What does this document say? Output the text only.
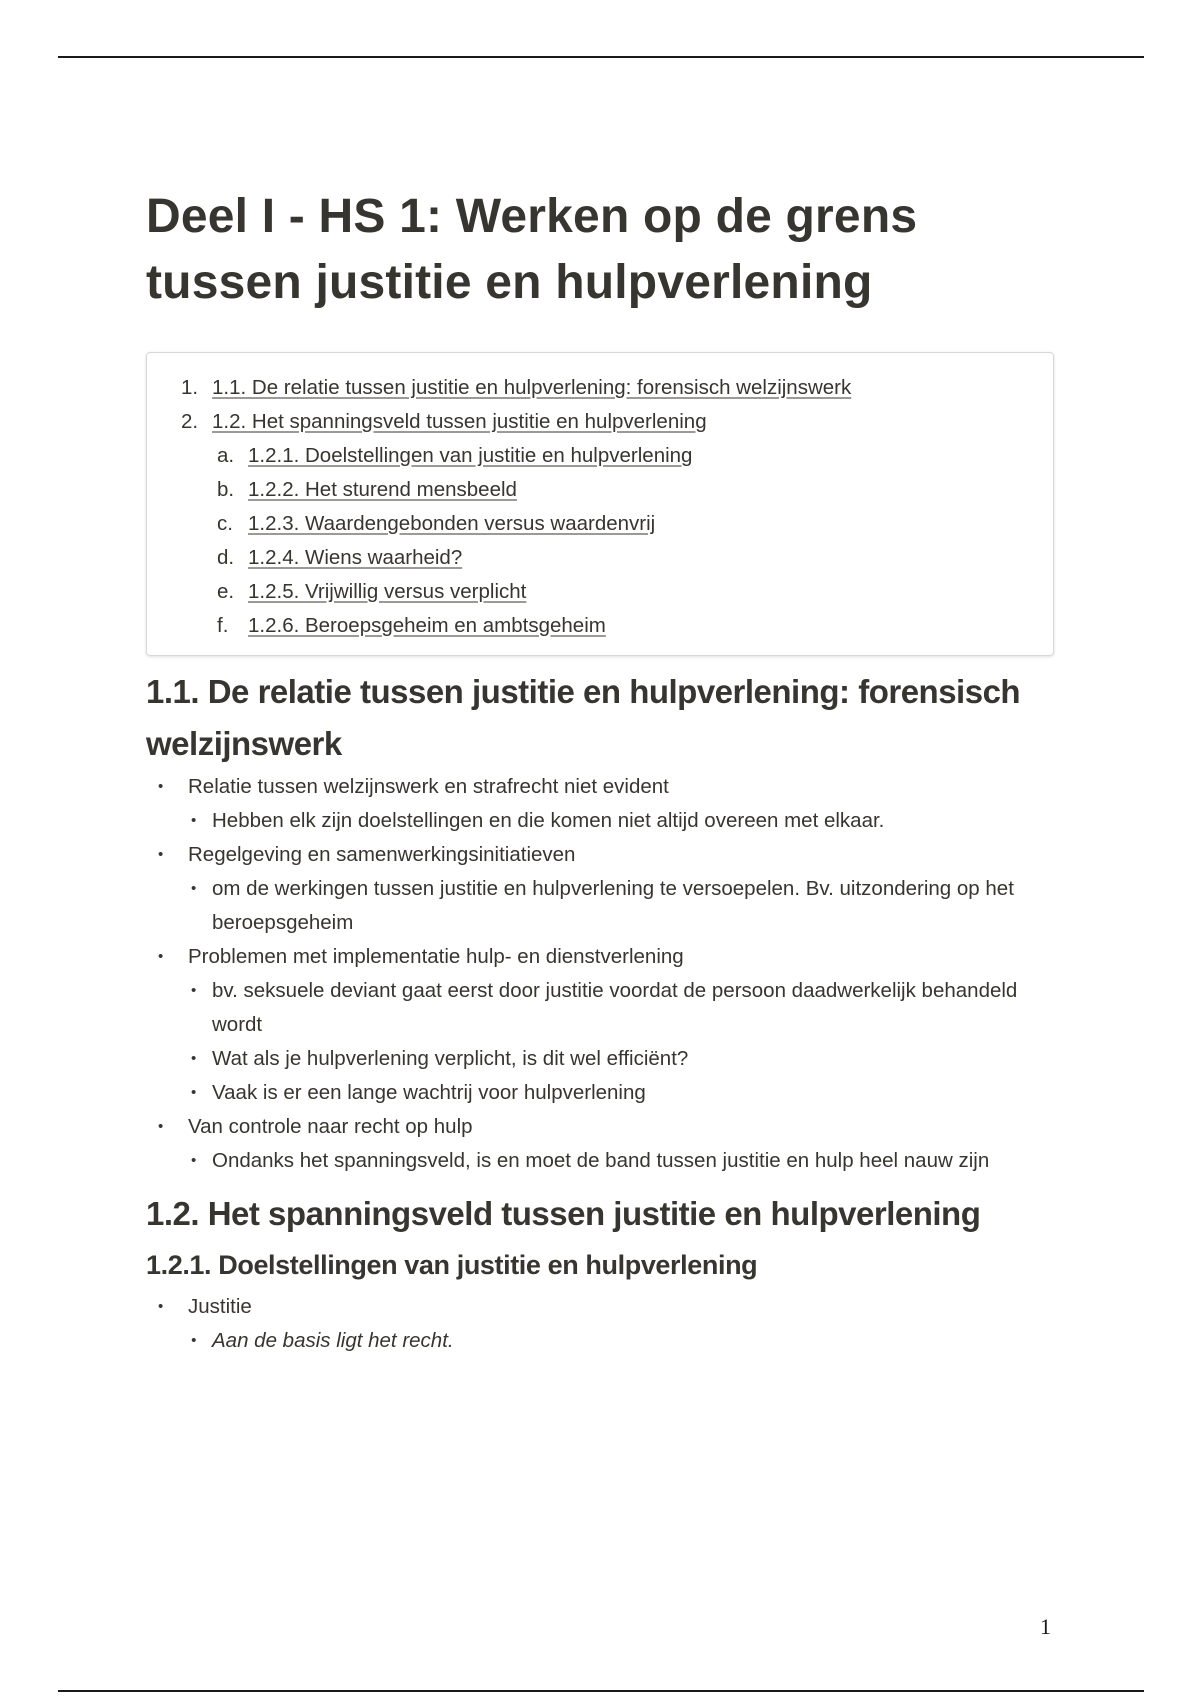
Deel I - HS 1: Werken op de grens tussen justitie en hulpverlening
1. 1.1. De relatie tussen justitie en hulpverlening: forensisch welzijnswerk
2. 1.2. Het spanningsveld tussen justitie en hulpverlening
a. 1.2.1. Doelstellingen van justitie en hulpverlening
b. 1.2.2. Het sturend mensbeeld
c. 1.2.3. Waardengebonden versus waardenvrij
d. 1.2.4. Wiens waarheid?
e. 1.2.5. Vrijwillig versus verplicht
f. 1.2.6. Beroepsgeheim en ambtsgeheim
1.1. De relatie tussen justitie en hulpverlening: forensisch welzijnswerk
• Relatie tussen welzijnswerk en strafrecht niet evident
• Hebben elk zijn doelstellingen en die komen niet altijd overeen met elkaar.
• Regelgeving en samenwerkingsinitiatieven
• om de werkingen tussen justitie en hulpverlening te versoepelen. Bv. uitzondering op het beroepsgeheim
• Problemen met implementatie hulp- en dienstverlening
• bv. seksuele deviant gaat eerst door justitie voordat de persoon daadwerkelijk behandeld wordt
• Wat als je hulpverlening verplicht, is dit wel efficiënt?
• Vaak is er een lange wachtrij voor hulpverlening
• Van controle naar recht op hulp
• Ondanks het spanningsveld, is en moet de band tussen justitie en hulp heel nauw zijn
1.2. Het spanningsveld tussen justitie en hulpverlening
1.2.1. Doelstellingen van justitie en hulpverlening
• Justitie
• Aan de basis ligt het recht.
1
